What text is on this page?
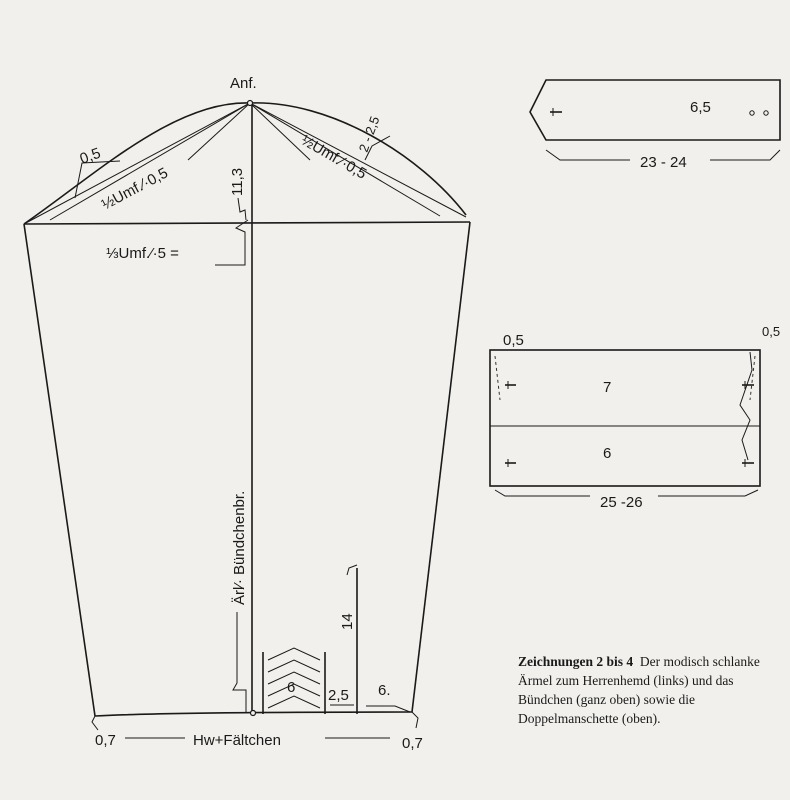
Anf.
0,5
½Umf.⁄·0,5	11,3	½Umf.⁄·0,5
2 - 2,5
⅓Umf.⁄·5 =
Ärl⁄· Bündchenbr.
14
6 2,5 6.
0,7	Hw+Fältchen	0,7
6,5
23 - 24
0,5
0,5
7
6
25 -26
Zeichnungen 2 bis 4 Der modisch schlanke Ärmel zum Herrenhemd (links) und das Bündchen (ganz oben) sowie die Doppelmanschette (oben).
